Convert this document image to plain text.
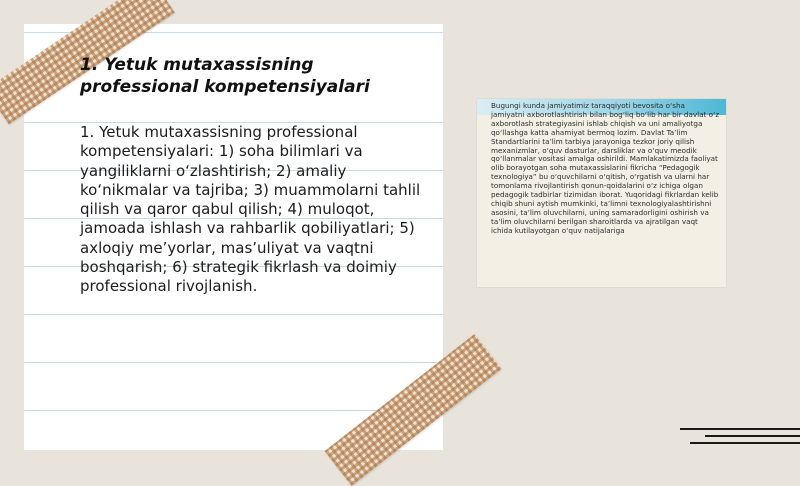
1. Yetuk mutaxassisning professional kompetensiyalari

1. Yetuk mutaxassisning professional kompetensiyalari: 1) soha bilimlari va yangiliklarni o‘zlashtirish; 2) amaliy ko‘nikmalar va tajriba; 3) muammolarni tahlil qilish va qaror qabul qilish; 4) muloqot, jamoada ishlash va rahbarlik qobiliyatlari; 5) axloqiy me’yorlar, mas’uliyat va vaqtni boshqarish; 6) strategik fikrlash va doimiy professional rivojlanish.

Bugungi kunda jamiyatimiz taraqqiyoti bevosita o‘sha jamiyatni axborotlashtirish bilan bog‘liq bo‘lib har bir davlat o‘z axborotlash strategiyasini ishlab chiqish va uni amaliyotga qo‘llashga katta ahamiyat bermoq lozim. Davlat Ta’lim Standartlarini ta’lim tarbiya jarayoniga tezkor joriy qilish mexanizmlar, o‘quv dasturlar, darsliklar va o‘quv meodik qo‘llanmalar vositasi amalga oshirildi. Mamlakatimizda faoliyat olib borayotgan soha mutaxassislarini fikricha “Pedagogik texnologiya” bu o‘quvchilarni o‘qitish, o‘rgatish va ularni har tomonlama rivojlantirish qonun-qoidalarini o‘z ichiga olgan pedagogik tadbirlar tizimidan iborat. Yuqoridagi fikrlardan kelib chiqib shuni aytish mumkinki, ta’limni texnologiyalashtirishni asosini, ta’lim oluvchilarni, uning samaradorligini oshirish va ta’lim oluvchilarni berilgan sharoitlarda va ajratilgan vaqt ichida kutilayotgan o‘quv natijalariga
